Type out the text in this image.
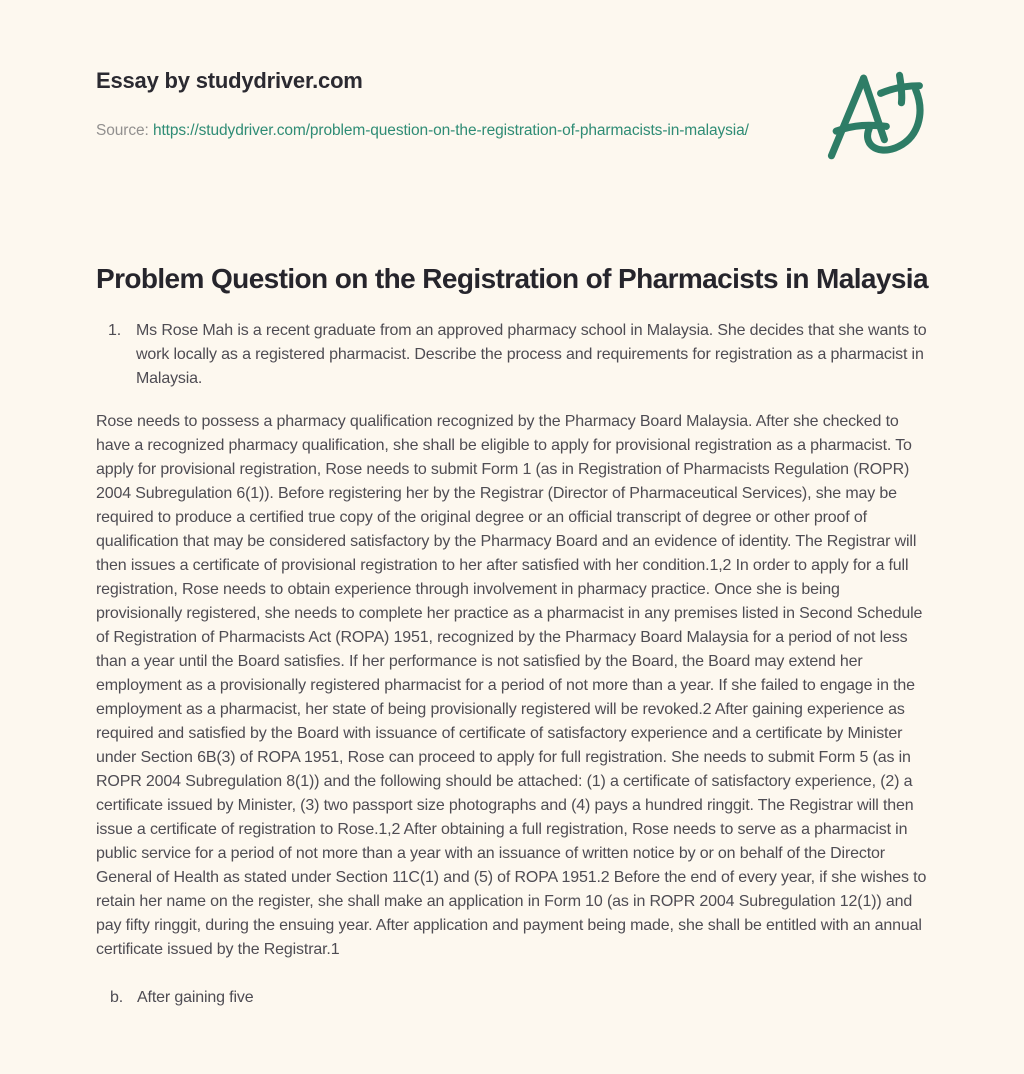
Essay by studydriver.com
Source: https://studydriver.com/problem-question-on-the-registration-of-pharmacists-in-malaysia/
Problem Question on the Registration of Pharmacists in Malaysia
1. Ms Rose Mah is a recent graduate from an approved pharmacy school in Malaysia. She decides that she wants to work locally as a registered pharmacist. Describe the process and requirements for registration as a pharmacist in Malaysia.

Rose needs to possess a pharmacy qualification recognized by the Pharmacy Board Malaysia. After she checked to have a recognized pharmacy qualification, she shall be eligible to apply for provisional registration as a pharmacist. To apply for provisional registration, Rose needs to submit Form 1 (as in Registration of Pharmacists Regulation (ROPR) 2004 Subregulation 6(1)). Before registering her by the Registrar (Director of Pharmaceutical Services), she may be required to produce a certified true copy of the original degree or an official transcript of degree or other proof of qualification that may be considered satisfactory by the Pharmacy Board and an evidence of identity. The Registrar will then issues a certificate of provisional registration to her after satisfied with her condition.1,2 In order to apply for a full registration, Rose needs to obtain experience through involvement in pharmacy practice. Once she is being provisionally registered, she needs to complete her practice as a pharmacist in any premises listed in Second Schedule of Registration of Pharmacists Act (ROPA) 1951, recognized by the Pharmacy Board Malaysia for a period of not less than a year until the Board satisfies. If her performance is not satisfied by the Board, the Board may extend her employment as a provisionally registered pharmacist for a period of not more than a year. If she failed to engage in the employment as a pharmacist, her state of being provisionally registered will be revoked.2 After gaining experience as required and satisfied by the Board with issuance of certificate of satisfactory experience and a certificate by Minister under Section 6B(3) of ROPA 1951, Rose can proceed to apply for full registration. She needs to submit Form 5 (as in ROPR 2004 Subregulation 8(1)) and the following should be attached: (1) a certificate of satisfactory experience, (2) a certificate issued by Minister, (3) two passport size photographs and (4) pays a hundred ringgit. The Registrar will then issue a certificate of registration to Rose.1,2 After obtaining a full registration, Rose needs to serve as a pharmacist in public service for a period of not more than a year with an issuance of written notice by or on behalf of the Director General of Health as stated under Section 11C(1) and (5) of ROPA 1951.2 Before the end of every year, if she wishes to retain her name on the register, she shall make an application in Form 10 (as in ROPR 2004 Subregulation 12(1)) and pay fifty ringgit, during the ensuing year. After application and payment being made, she shall be entitled with an annual certificate issued by the Registrar.1

b. After gaining five
